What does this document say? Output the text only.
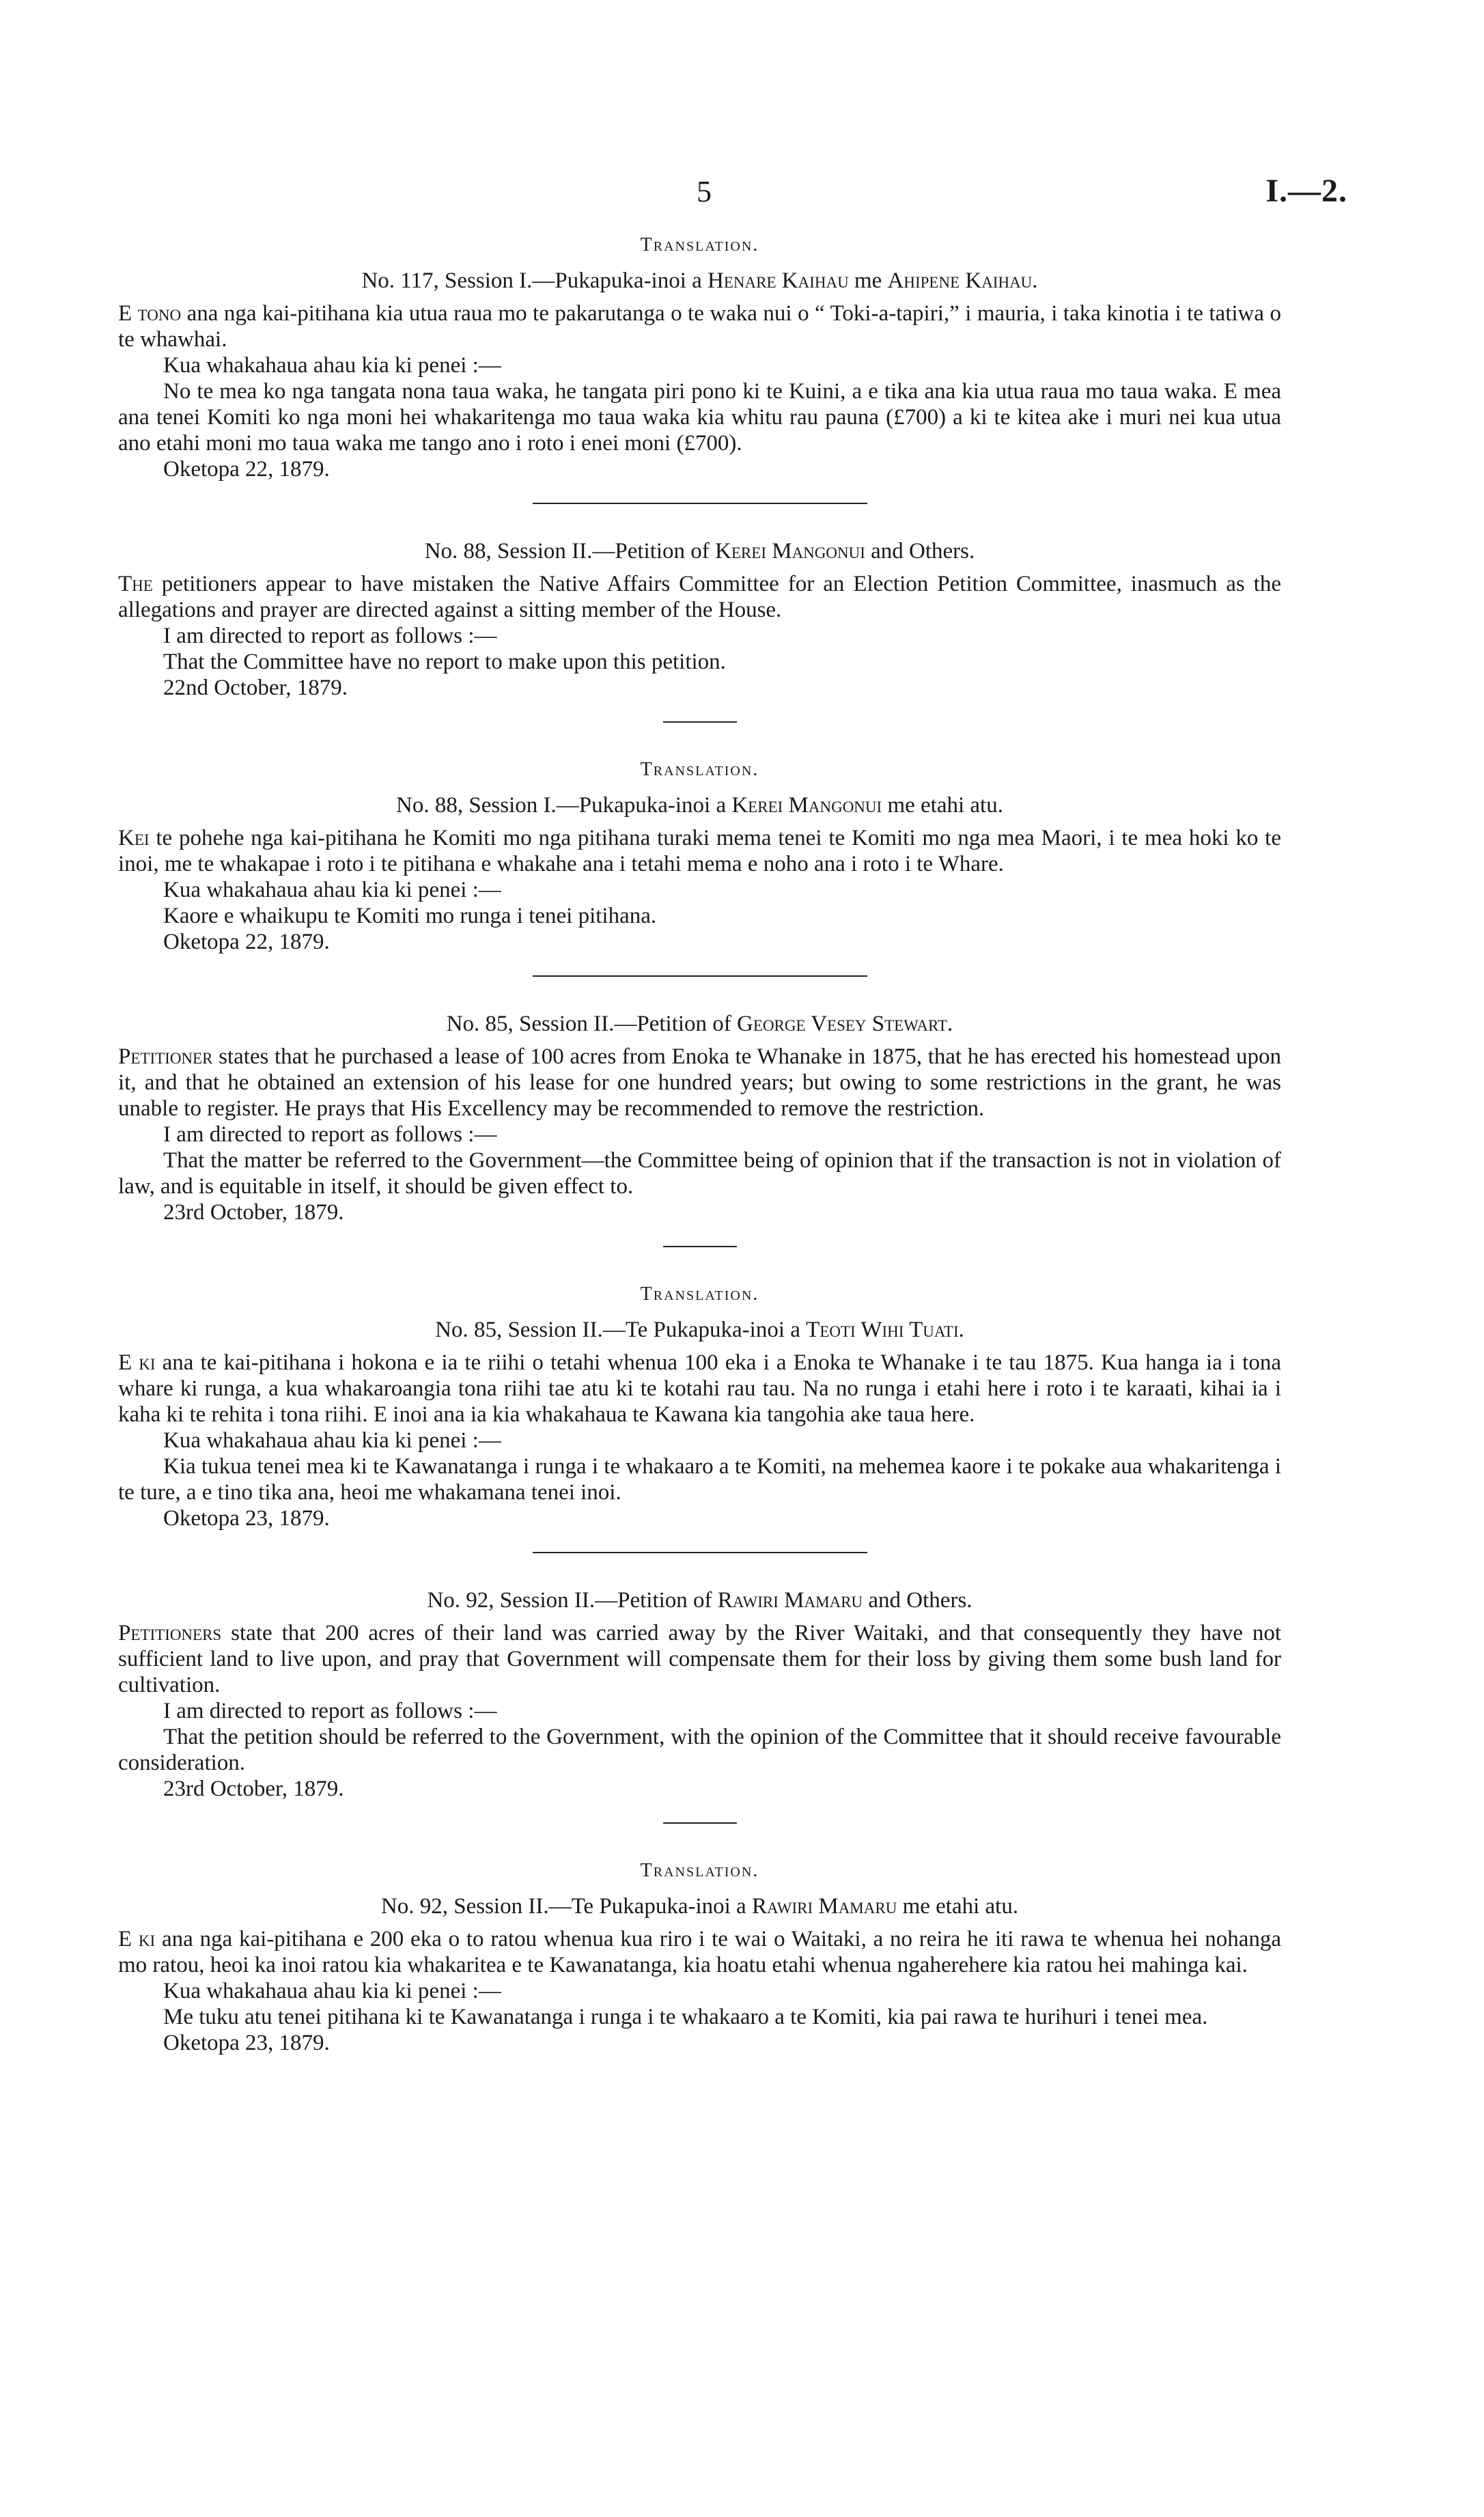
5	I.—2.
Translation.
No. 117, Session I.—Pukapuka-inoi a Henare Kaihau me Ahipene Kaihau.

E tono ana nga kai-pitihana kia utua raua mo te pakarutanga o te waka nui o “ Toki-a-tapiri,” i mauria, i taka kinotia i te tatiwa o te whawhai.

Kua whakahaua ahau kia ki penei :—

No te mea ko nga tangata nona taua waka, he tangata piri pono ki te Kuini, a e tika ana kia utua raua mo taua waka. E mea ana tenei Komiti ko nga moni hei whakaritenga mo taua waka kia whitu rau pauna (£700) a ki te kitea ake i muri nei kua utua ano etahi moni mo taua waka me tango ano i roto i enei moni (£700).

Oketopa 22, 1879.

No. 88, Session II.—Petition of Kerei Mangonui and Others.

The petitioners appear to have mistaken the Native Affairs Committee for an Election Petition Committee, inasmuch as the allegations and prayer are directed against a sitting member of the House.

I am directed to report as follows :—

That the Committee have no report to make upon this petition.

22nd October, 1879.

Translation.
No. 88, Session I.—Pukapuka-inoi a Kerei Mangonui me etahi atu.

Kei te pohehe nga kai-pitihana he Komiti mo nga pitihana turaki mema tenei te Komiti mo nga mea Maori, i te mea hoki ko te inoi, me te whakapae i roto i te pitihana e whakahe ana i tetahi mema e noho ana i roto i te Whare.

Kua whakahaua ahau kia ki penei :—

Kaore e whaikupu te Komiti mo runga i tenei pitihana.

Oketopa 22, 1879.

No. 85, Session II.—Petition of George Vesey Stewart.

Petitioner states that he purchased a lease of 100 acres from Enoka te Whanake in 1875, that he has erected his homestead upon it, and that he obtained an extension of his lease for one hundred years; but owing to some restrictions in the grant, he was unable to register. He prays that His Excellency may be recommended to remove the restriction.

I am directed to report as follows :—

That the matter be referred to the Government—the Committee being of opinion that if the transaction is not in violation of law, and is equitable in itself, it should be given effect to.

23rd October, 1879.

Translation.
No. 85, Session II.—Te Pukapuka-inoi a Teoti Wihi Tuati.

E ki ana te kai-pitihana i hokona e ia te riihi o tetahi whenua 100 eka i a Enoka te Whanake i te tau 1875. Kua hanga ia i tona whare ki runga, a kua whakaroangia tona riihi tae atu ki te kotahi rau tau. Na no runga i etahi here i roto i te karaati, kihai ia i kaha ki te rehita i tona riihi. E inoi ana ia kia whakahaua te Kawana kia tangohia ake taua here.

Kua whakahaua ahau kia ki penei :—

Kia tukua tenei mea ki te Kawanatanga i runga i te whakaaro a te Komiti, na mehemea kaore i te pokake aua whakaritenga i te ture, a e tino tika ana, heoi me whakamana tenei inoi.

Oketopa 23, 1879.

No. 92, Session II.—Petition of Rawiri Mamaru and Others.

Petitioners state that 200 acres of their land was carried away by the River Waitaki, and that consequently they have not sufficient land to live upon, and pray that Government will compensate them for their loss by giving them some bush land for cultivation.

I am directed to report as follows :—

That the petition should be referred to the Government, with the opinion of the Committee that it should receive favourable consideration.

23rd October, 1879.

Translation.
No. 92, Session II.—Te Pukapuka-inoi a Rawiri Mamaru me etahi atu.

E ki ana nga kai-pitihana e 200 eka o to ratou whenua kua riro i te wai o Waitaki, a no reira he iti rawa te whenua hei nohanga mo ratou, heoi ka inoi ratou kia whakaritea e te Kawanatanga, kia hoatu etahi whenua ngaherehere kia ratou hei mahinga kai.

Kua whakahaua ahau kia ki penei :—

Me tuku atu tenei pitihana ki te Kawanatanga i runga i te whakaaro a te Komiti, kia pai rawa te hurihuri i tenei mea.

Oketopa 23, 1879.
